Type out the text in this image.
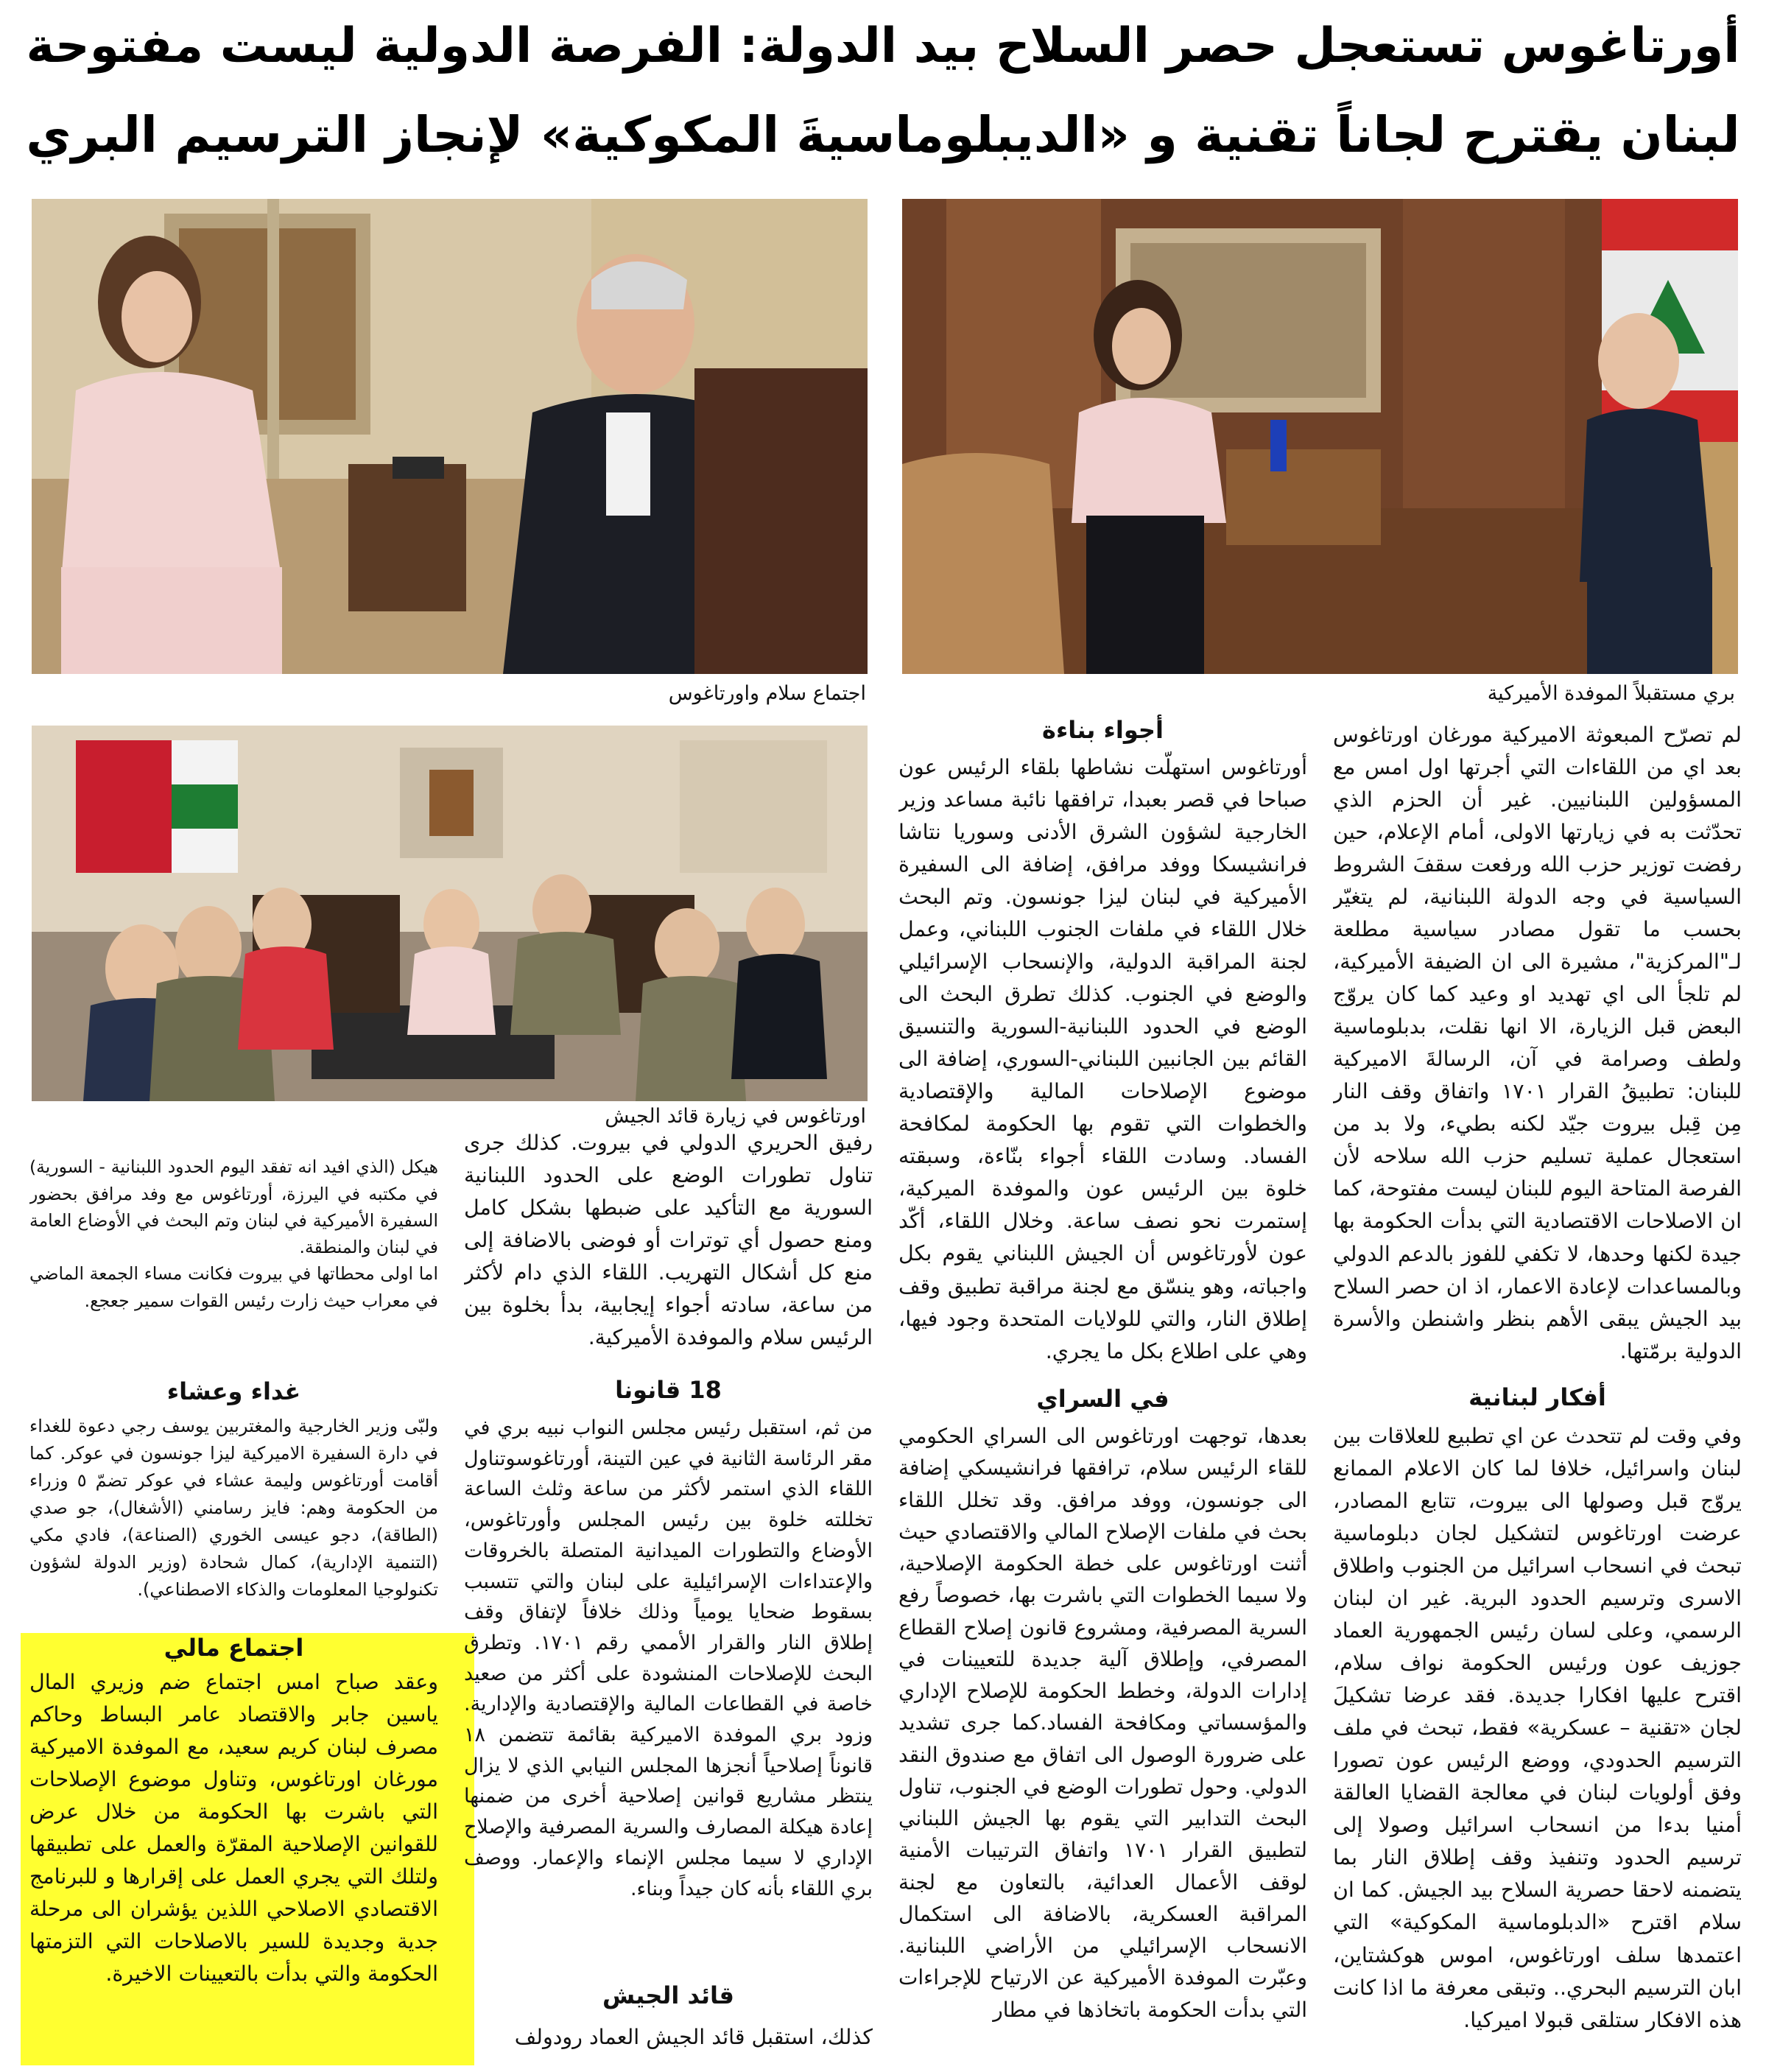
أورتاغوس تستعجل حصر السلاح بيد الدولة: الفرصة الدولية ليست مفتوحة
لبنان يقترح لجاناً تقنية و «الديبلوماسيةَ المكوكية» لإنجاز الترسيم البري
بري مستقبلاً الموفدة الأميركية
اجتماع سلام واورتاغوس
اورتاغوس في زيارة قائد الجيش

لم تصرّح المبعوثة الاميركية مورغان اورتاغوس بعد اي من اللقاءات التي أجرتها اول امس مع المسؤولين اللبنانيين. غير أن الحزم الذي تحدّثت به في زيارتها الاولى، أمام الإعلام، حين رفضت توزير حزب الله ورفعت سقفَ الشروط السياسية في وجه الدولة اللبنانية، لم يتغيّر بحسب ما تقول مصادر سياسية مطلعة لـ"المركزية"، مشيرة الى ان الضيفة الأميركية، لم تلجأ الى اي تهديد او وعيد كما كان يروّج البعض قبل الزيارة، الا انها نقلت، بدبلوماسية ولطف وصرامة في آن، الرسالةَ الاميركية للبنان: تطبيقُ القرار ١٧٠١ واتفاق وقف النار مِن قِبل بيروت جيّد لكنه بطيء، ولا بد من استعجال عملية تسليم حزب الله سلاحه لأن الفرصة المتاحة اليوم للبنان ليست مفتوحة، كما ان الاصلاحات الاقتصادية التي بدأت الحكومة بها جيدة لكنها وحدها، لا تكفي للفوز بالدعم الدولي وبالمساعدات لإعادة الاعمار، اذ ان حصر السلاح بيد الجيش يبقى الأهم بنظر واشنطن والأسرة الدولية برمّتها.

أفكار لبنانية

وفي وقت لم تتحدث عن اي تطبيع للعلاقات بين لبنان واسرائيل، خلافا لما كان الاعلام الممانع يروّج قبل وصولها الى بيروت، تتابع المصادر، عرضت اورتاغوس لتشكيل لجان دبلوماسية تبحث في انسحاب اسرائيل من الجنوب واطلاق الاسرى وترسيم الحدود البرية. غير ان لبنان الرسمي، وعلى لسان رئيس الجمهورية العماد جوزيف عون ورئيس الحكومة نواف سلام، اقترح عليها افكارا جديدة. فقد عرضا تشكيلَ لجان «تقنية – عسكرية» فقط، تبحث في ملف الترسيم الحدودي، ووضع الرئيس عون تصورا وفق أولويات لبنان في معالجة القضايا العالقة أمنيا بدءا من انسحاب اسرائيل وصولا إلى ترسيم الحدود وتنفيذ وقف إطلاق النار بما يتضمنه لاحقا حصرية السلاح بيد الجيش. كما ان سلام اقترح «الدبلوماسية المكوكية» التي اعتمدها سلف اورتاغوس، اموس هوكشتاين، ابان الترسيم البحري.. وتبقى معرفة ما اذا كانت هذه الافكار ستلقى قبولا اميركيا.

أجواء بناءة

أورتاغوس استهلّت نشاطها بلقاء الرئيس عون صباحا في قصر بعبدا، ترافقها نائبة مساعد وزير الخارجية لشؤون الشرق الأدنى وسوريا نتاشا فرانشيسكا ووفد مرافق، إضافة الى السفيرة الأميركية في لبنان ليزا جونسون. وتم البحث خلال اللقاء في ملفات الجنوب اللبناني، وعمل لجنة المراقبة الدولية، والإنسحاب الإسرائيلي والوضع في الجنوب. كذلك تطرق البحث الى الوضع في الحدود اللبنانية-السورية والتنسيق القائم بين الجانبين اللبناني-السوري، إضافة الى موضوع الإصلاحات المالية والإقتصادية والخطوات التي تقوم بها الحكومة لمكافحة الفساد. وسادت اللقاء أجواء بنّاءة، وسبقته خلوة بين الرئيس عون والموفدة الميركية، إستمرت نحو نصف ساعة. وخلال اللقاء، أكّد عون لأورتاغوس أن الجيش اللبناني يقوم بكل واجباته، وهو ينسّق مع لجنة مراقبة تطبيق وقف إطلاق النار، والتي للولايات المتحدة وجود فيها، وهي على اطلاع بكل ما يجري.

في السراي

بعدها، توجهت اورتاغوس الى السراي الحكومي للقاء الرئيس سلام، ترافقها فرانشيسكي إضافة الى جونسون، ووفد مرافق. وقد تخلل اللقاء بحث في ملفات الإصلاح المالي والاقتصادي حيث أثنت اورتاغوس على خطة الحكومة الإصلاحية، ولا سيما الخطوات التي باشرت بها، خصوصاً رفع السرية المصرفية، ومشروع قانون إصلاح القطاع المصرفي، وإطلاق آلية جديدة للتعيينات في إدارات الدولة، وخطط الحكومة للإصلاح الإداري والمؤسساتي ومكافحة الفساد.كما جرى تشديد على ضرورة الوصول الى اتفاق مع صندوق النقد الدولي. وحول تطورات الوضع في الجنوب، تناول البحث التدابير التي يقوم بها الجيش اللبناني لتطبيق القرار ١٧٠١ واتفاق الترتيبات الأمنية لوقف الأعمال العدائية، بالتعاون مع لجنة المراقبة العسكرية، بالاضافة الى استكمال الانسحاب الإسرائيلي من الأراضي اللبنانية. وعبّرت الموفدة الأميركية عن الارتياح للإجراءات التي بدأت الحكومة باتخاذها في مطار

رفيق الحريري الدولي في بيروت. كذلك جرى تناول تطورات الوضع على الحدود اللبنانية السورية مع التأكيد على ضبطها بشكل كامل ومنع حصول أي توترات أو فوضى بالاضافة إلى منع كل أشكال التهريب. اللقاء الذي دام لأكثر من ساعة، سادته أجواء إيجابية، بدأ بخلوة بين الرئيس سلام والموفدة الأميركية.

18 قانونا

من ثم، استقبل رئيس مجلس النواب نبيه بري في مقر الرئاسة الثانية في عين التينة، أورتاغوسوتناول اللقاء الذي استمر لأكثر من ساعة وثلث الساعة تخللته خلوة بين رئيس المجلس وأورتاغوس، الأوضاع والتطورات الميدانية المتصلة بالخروقات والإعتداءات الإسرائيلية على لبنان والتي تتسبب بسقوط ضحايا يومياً وذلك خلافاً لإتفاق وقف إطلاق النار والقرار الأممي رقم ١٧٠١. وتطرق البحث للإصلاحات المنشودة على أكثر من صعيد خاصة في القطاعات المالية والإقتصادية والإدارية. وزود بري الموفدة الاميركية بقائمة تتضمن ١٨ قانوناً إصلاحياً أنجزها المجلس النيابي الذي لا يزال ينتظر مشاريع قوانين إصلاحية أخرى من ضمنها إعادة هيكلة المصارف والسرية المصرفية والإصلاح الإداري لا سيما مجلس الإنماء والإعمار. ووصف بري اللقاء بأنه كان جيداً وبناء.

قائد الجيش

كذلك، استقبل قائد الجيش العماد رودولف

هيكل (الذي افيد انه تفقد اليوم الحدود اللبنانية - السورية) في مكتبه في اليرزة، أورتاغوس مع وفد مرافق بحضور السفيرة الأميركية في لبنان وتم البحث في الأوضاع العامة في لبنان والمنطقة.
اما اولى محطاتها في بيروت فكانت مساء الجمعة الماضي في معراب حيث زارت رئيس القوات سمير جعجع.

غداء وعشاء

ولبّى وزير الخارجية والمغتربين يوسف رجي دعوة للغداء في دارة السفيرة الاميركية ليزا جونسون في عوكر. كما أقامت أورتاغوس وليمة عشاء في عوكر تضمّ ٥ وزراء من الحكومة وهم: فايز رسامني (الأشغال)، جو صدي (الطاقة)، دجو عيسى الخوري (الصناعة)، فادي مكي (التنمية الإدارية)، كمال شحادة (وزير الدولة لشؤون تكنولوجيا المعلومات والذكاء الاصطناعي).

اجتماع مالي

وعقد صباح امس اجتماع ضم وزيري المال ياسين جابر والاقتصاد عامر البساط وحاكم مصرف لبنان كريم سعيد، مع الموفدة الاميركية مورغان اورتاغوس، وتناول موضوع الإصلاحات التي باشرت بها الحكومة من خلال عرض للقوانين الإصلاحية المقرّة والعمل على تطبيقها ولتلك التي يجري العمل على إقرارها و للبرنامج الاقتصادي الاصلاحي اللذين يؤشران الى مرحلة جدية وجديدة للسير بالاصلاحات التي التزمتها الحكومة والتي بدأت بالتعيينات الاخيرة.
